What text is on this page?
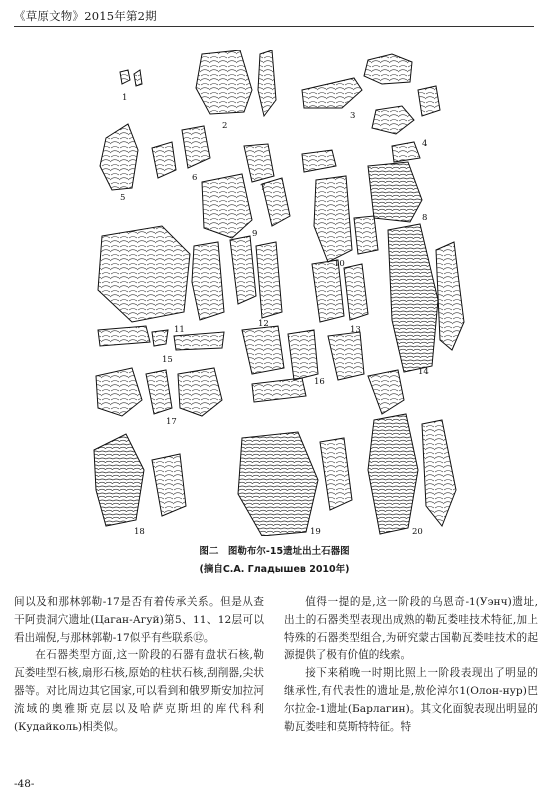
《草原文物》2015年第2期
1
2
3
4
5
6
7
8
9
10
11
12
13
14
15
16
17
18	19	20
图二　图勒布尔-15遗址出土石器图
(摘自С.А. Гладышев 2010年)

间以及和那林郭勒-17是否有着传承关系。但是从查干阿贵洞穴遗址(Цаган-Агуй)第5、11、12层可以看出端倪,与那林郭勒-17似乎有些联系⑫。

在石器类型方面,这一阶段的石器有盘状石核,勒瓦娄哇型石核,扇形石核,原始的柱状石核,刮削器,尖状器等。对比周边其它国家,可以看到和俄罗斯安加拉河流域的奥雅斯克层以及哈萨克斯坦的库代科利(Кудайколь)相类似。

值得一提的是,这一阶段的乌恩奇-1(Уэнч)遗址,出土的石器类型表现出成熟的勒瓦娄哇技术特征,加上特殊的石器类型组合,为研究蒙古国勒瓦娄哇技术的起源提供了极有价值的线索。

接下来稍晚一时期比照上一阶段表现出了明显的继承性,有代表性的遗址是,敖伦淖尔1(Олон-нур)巴尔拉金-1遗址(Барлагин)。其文化面貌表现出明显的勒瓦娄哇和莫斯特特征。特

-48-
